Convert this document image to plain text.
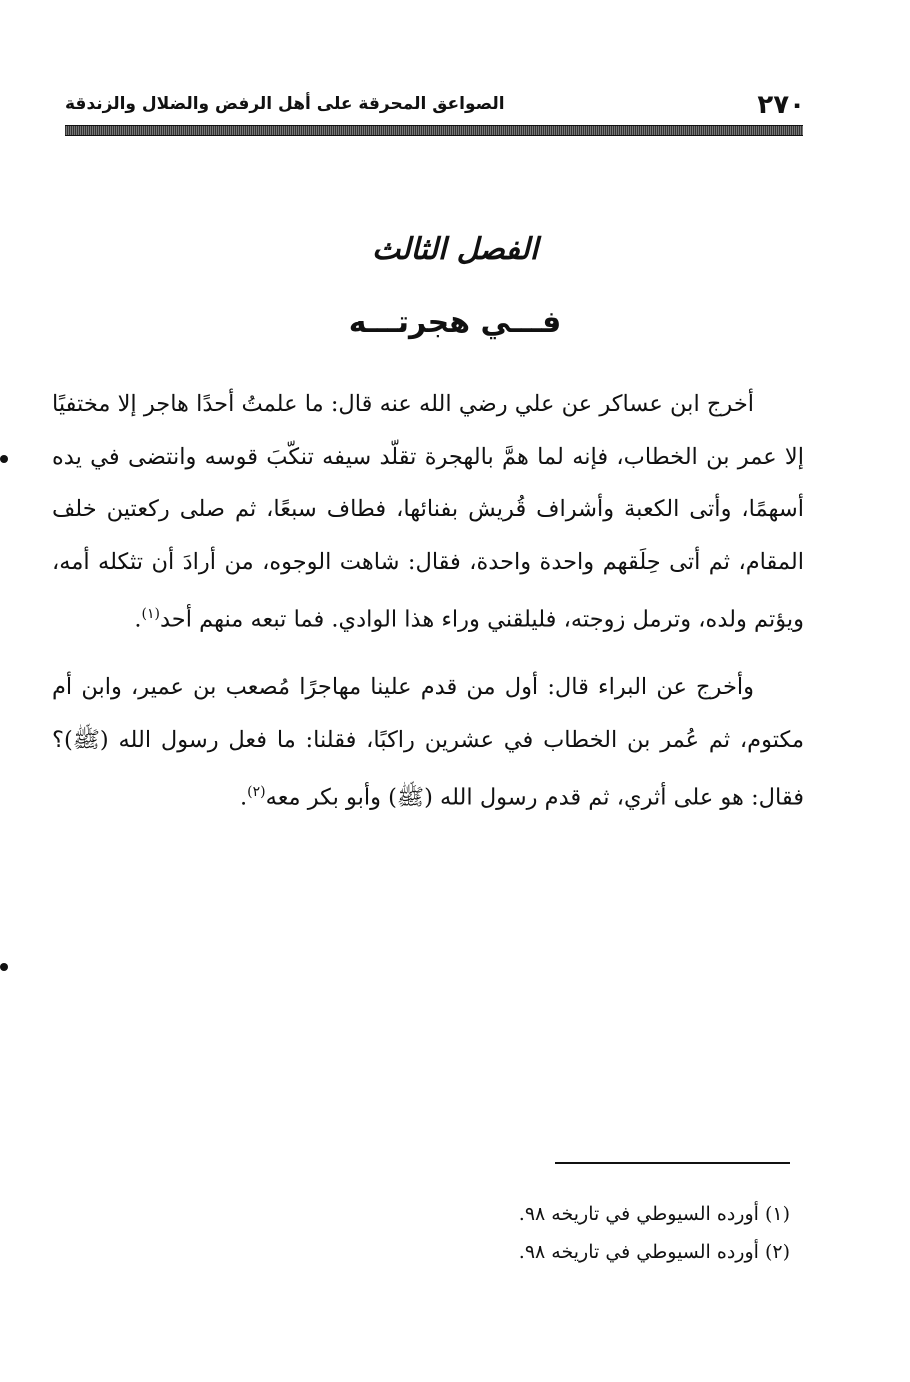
٢٧٠
الصواعق المحرقة على أهل الرفض والضلال والزندقة
الفصل الثالث
فـــي هجرتـــه

أخرج ابن عساكر عن علي رضي الله عنه قال: ما علمتُ أحدًا هاجر إلا مختفيًا إلا عمر بن الخطاب، فإنه لما همَّ بالهجرة تقلّد سيفه تنكّبَ قوسه وانتضى في يده أسهمًا، وأتى الكعبة وأشراف قُريش بفنائها، فطاف سبعًا، ثم صلى ركعتين خلف المقام، ثم أتى حِلَقهم واحدة واحدة، فقال: شاهت الوجوه، من أرادَ أن تثكله أمه، ويؤتم ولده، وترمل زوجته، فليلقني وراء هذا الوادي. فما تبعه منهم أحد$^{(١)}$.

وأخرج عن البراء قال: أول من قدم علينا مهاجرًا مُصعب بن عمير، وابن أم مكتوم، ثم عُمر بن الخطاب في عشرين راكبًا، فقلنا: ما فعل رسول الله (ﷺ)؟ فقال: هو على أثري، ثم قدم رسول الله (ﷺ) وأبو بكر معه$^{(٢)}$.

(١) أورده السيوطي في تاريخه ٩٨.
(٢) أورده السيوطي في تاريخه ٩٨.
